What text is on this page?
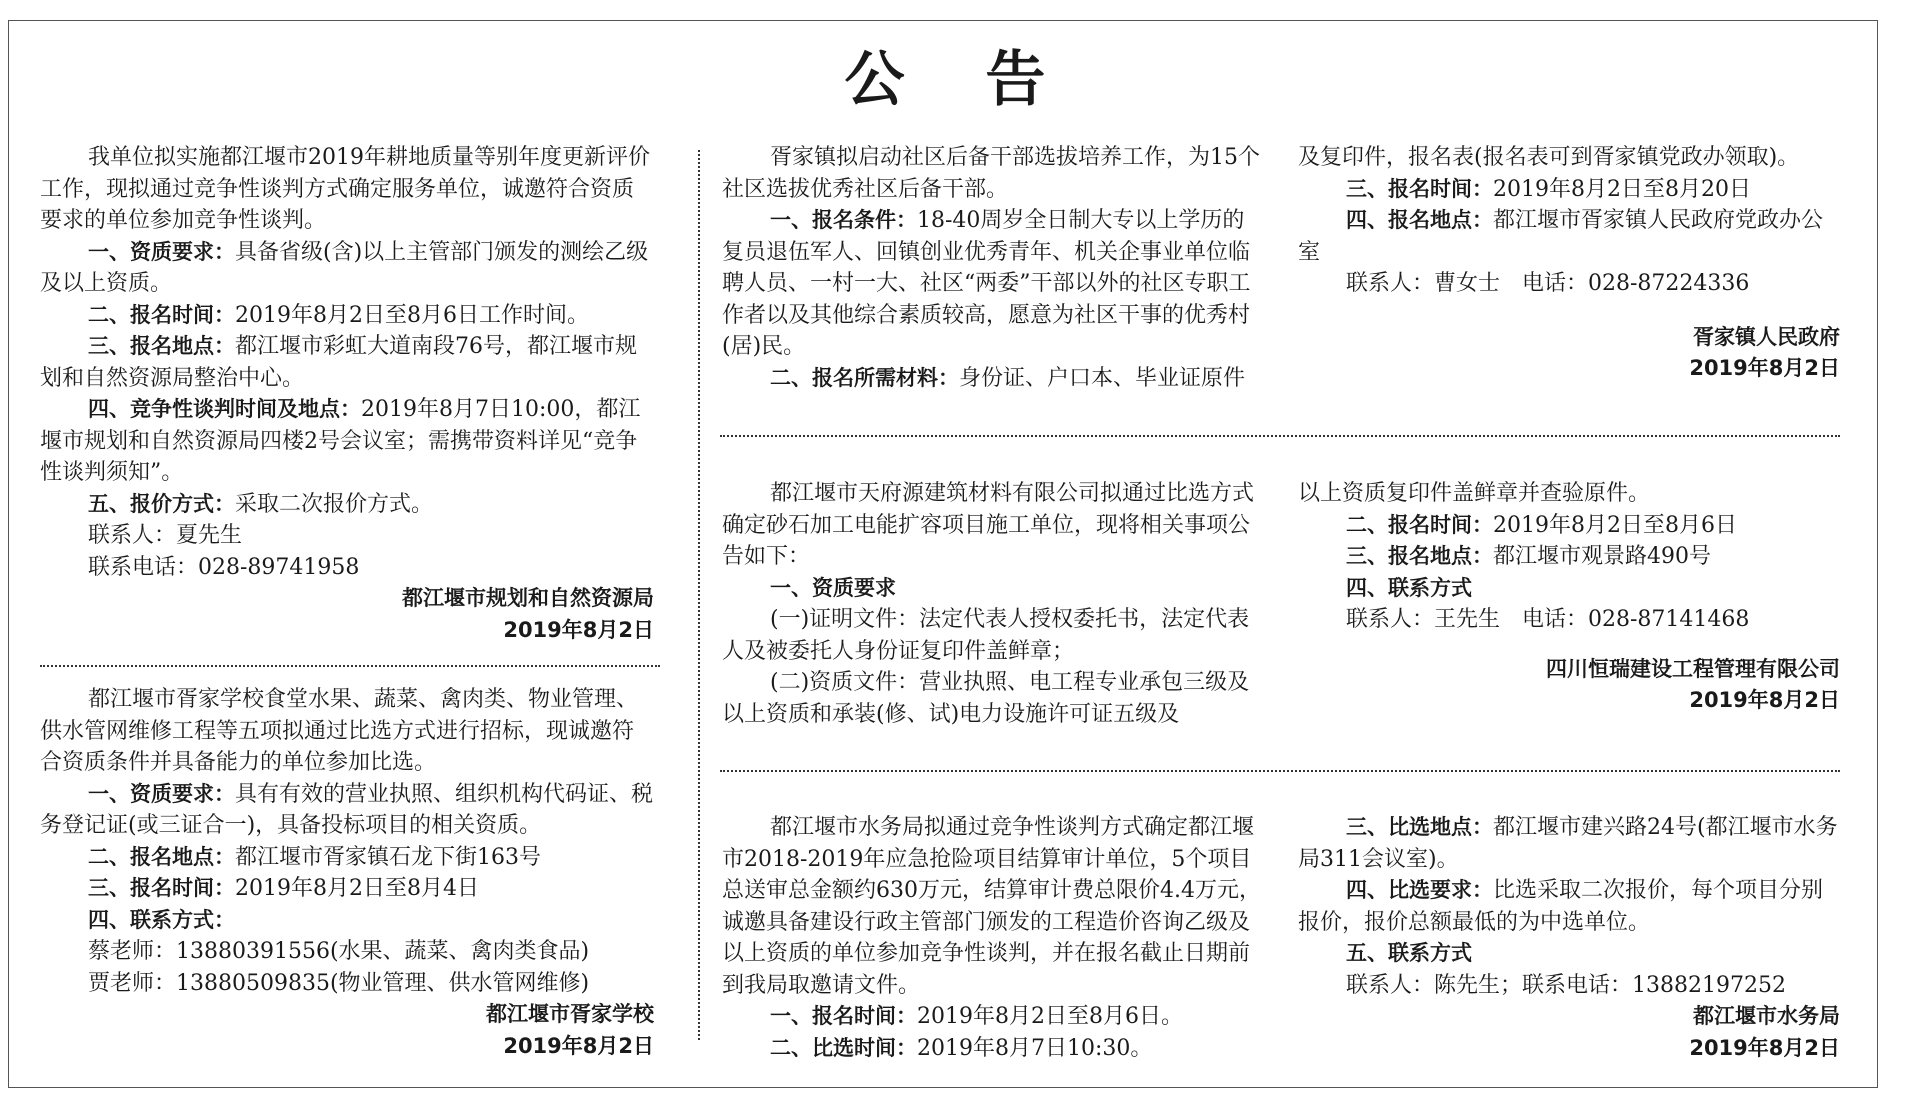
公 告

我单位拟实施都江堰市2019年耕地质量等别年度更新评价工作，现拟通过竞争性谈判方式确定服务单位，诚邀符合资质要求的单位参加竞争性谈判。

一、资质要求：具备省级(含)以上主管部门颁发的测绘乙级及以上资质。

二、报名时间：2019年8月2日至8月6日工作时间。

三、报名地点：都江堰市彩虹大道南段76号，都江堰市规划和自然资源局整治中心。

四、竞争性谈判时间及地点：2019年8月7日10:00，都江堰市规划和自然资源局四楼2号会议室；需携带资料详见“竞争性谈判须知”。

五、报价方式：采取二次报价方式。

联系人：夏先生

联系电话：028-89741958

都江堰市规划和自然资源局

2019年8月2日

都江堰市胥家学校食堂水果、蔬菜、禽肉类、物业管理、供水管网维修工程等五项拟通过比选方式进行招标，现诚邀符合资质条件并具备能力的单位参加比选。

一、资质要求：具有有效的营业执照、组织机构代码证、税务登记证(或三证合一)，具备投标项目的相关资质。

二、报名地点：都江堰市胥家镇石龙下街163号

三、报名时间：2019年8月2日至8月4日

四、联系方式：

蔡老师：13880391556(水果、蔬菜、禽肉类食品)

贾老师：13880509835(物业管理、供水管网维修)

都江堰市胥家学校

2019年8月2日

胥家镇拟启动社区后备干部选拔培养工作，为15个社区选拔优秀社区后备干部。

一、报名条件：18-40周岁全日制大专以上学历的复员退伍军人、回镇创业优秀青年、机关企事业单位临聘人员、一村一大、社区“两委”干部以外的社区专职工作者以及其他综合素质较高，愿意为社区干事的优秀村(居)民。

二、报名所需材料：身份证、户口本、毕业证原件

及复印件，报名表(报名表可到胥家镇党政办领取)。

三、报名时间：2019年8月2日至8月20日

四、报名地点：都江堰市胥家镇人民政府党政办公室

联系人：曹女士　电话：028-87224336

胥家镇人民政府

2019年8月2日

都江堰市天府源建筑材料有限公司拟通过比选方式确定砂石加工电能扩容项目施工单位，现将相关事项公告如下：

一、资质要求

(一)证明文件：法定代表人授权委托书，法定代表人及被委托人身份证复印件盖鲜章；

(二)资质文件：营业执照、电工程专业承包三级及以上资质和承装(修、试)电力设施许可证五级及

以上资质复印件盖鲜章并查验原件。

二、报名时间：2019年8月2日至8月6日

三、报名地点：都江堰市观景路490号

四、联系方式

联系人：王先生　电话：028-87141468

四川恒瑞建设工程管理有限公司

2019年8月2日

都江堰市水务局拟通过竞争性谈判方式确定都江堰市2018-2019年应急抢险项目结算审计单位，5个项目总送审总金额约630万元，结算审计费总限价4.4万元，诚邀具备建设行政主管部门颁发的工程造价咨询乙级及以上资质的单位参加竞争性谈判，并在报名截止日期前到我局取邀请文件。

一、报名时间：2019年8月2日至8月6日。

二、比选时间：2019年8月7日10:30。

三、比选地点：都江堰市建兴路24号(都江堰市水务局311会议室)。

四、比选要求：比选采取二次报价，每个项目分别报价，报价总额最低的为中选单位。

五、联系方式

联系人：陈先生；联系电话：13882197252

都江堰市水务局

2019年8月2日
